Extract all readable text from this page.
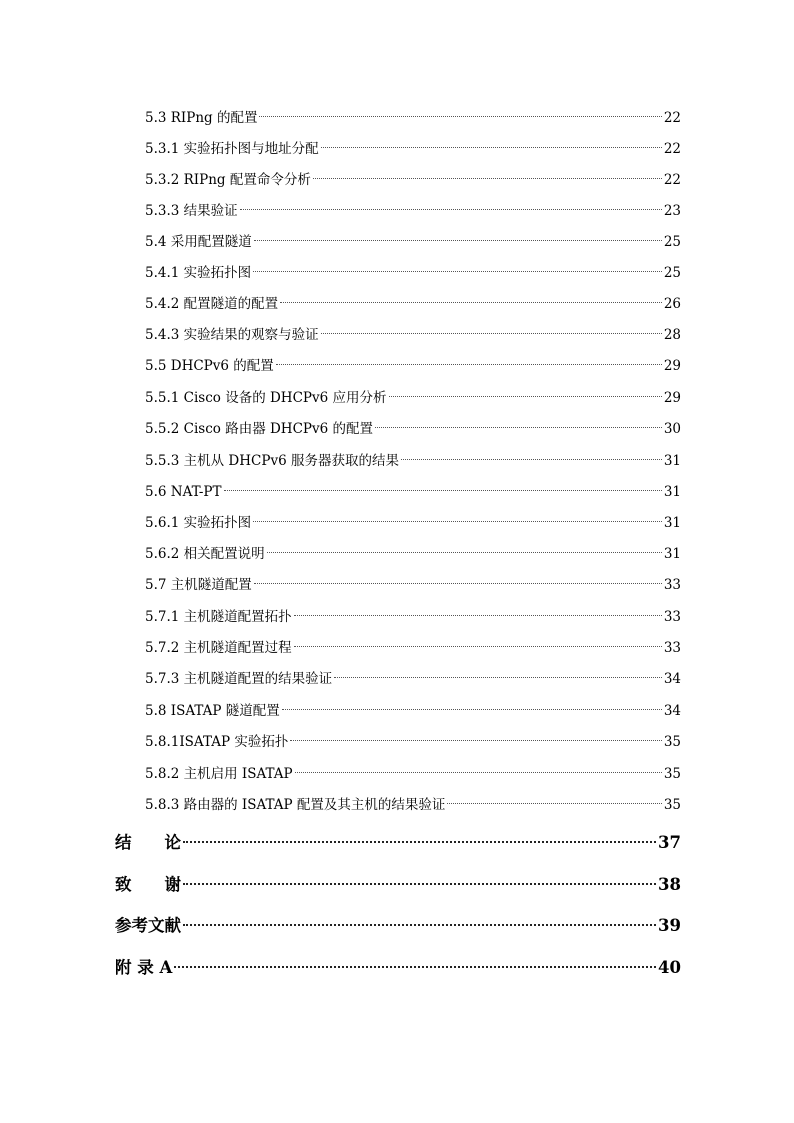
5.3 RIPng 的配置	22
5.3.1 实验拓扑图与地址分配	22
5.3.2 RIPng 配置命令分析	22
5.3.3 结果验证	23
5.4 采用配置隧道	25
5.4.1 实验拓扑图	25
5.4.2 配置隧道的配置	26
5.4.3 实验结果的观察与验证	28
5.5 DHCPv6 的配置	29
5.5.1 Cisco 设备的 DHCPv6 应用分析	29
5.5.2 Cisco 路由器 DHCPv6 的配置	30
5.5.3 主机从 DHCPv6 服务器获取的结果	31
5.6 NAT-PT	31
5.6.1 实验拓扑图	31
5.6.2 相关配置说明	31
5.7 主机隧道配置	33
5.7.1 主机隧道配置拓扑	33
5.7.2 主机隧道配置过程	33
5.7.3 主机隧道配置的结果验证	34
5.8 ISATAP 隧道配置	34
5.8.1ISATAP 实验拓扑	35
5.8.2 主机启用 ISATAP	35
5.8.3 路由器的 ISATAP 配置及其主机的结果验证	35
结　　论	37
致　　谢	38
参考文献	39
附 录 A	40
